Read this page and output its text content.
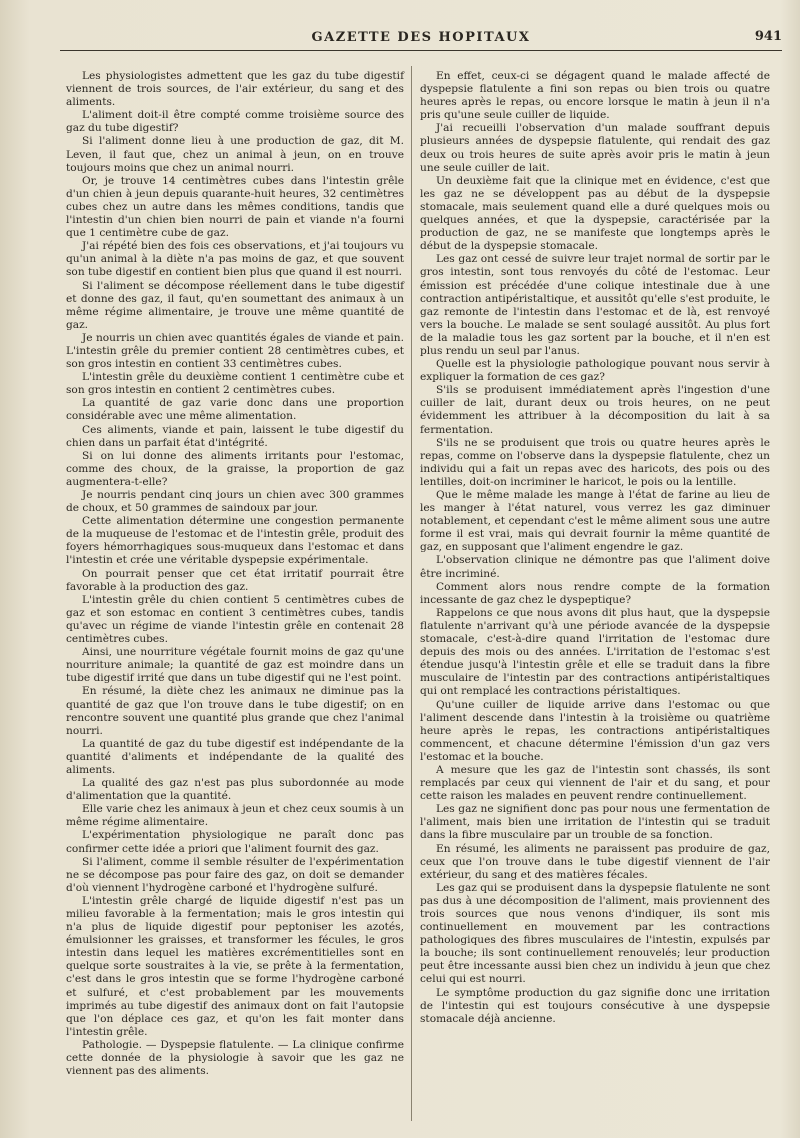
GAZETTE DES HOPITAUX	941

Les physiologistes admettent que les gaz du tube digestif viennent de trois sources, de l'air extérieur, du sang et des aliments.

L'aliment doit-il être compté comme troisième source des gaz du tube digestif?

Si l'aliment donne lieu à une production de gaz, dit M. Leven, il faut que, chez un animal à jeun, on en trouve toujours moins que chez un animal nourri.

Or, je trouve 14 centimètres cubes dans l'intestin grêle d'un chien à jeun depuis quarante-huit heures, 32 centimètres cubes chez un autre dans les mêmes conditions, tandis que l'intestin d'un chien bien nourri de pain et viande n'a fourni que 1 centimètre cube de gaz.

J'ai répété bien des fois ces observations, et j'ai toujours vu qu'un animal à la diète n'a pas moins de gaz, et que souvent son tube digestif en contient bien plus que quand il est nourri.

Si l'aliment se décompose réellement dans le tube digestif et donne des gaz, il faut, qu'en soumettant des animaux à un même régime alimentaire, je trouve une même quantité de gaz.

Je nourris un chien avec quantités égales de viande et pain. L'intestin grêle du premier contient 28 centimètres cubes, et son gros intestin en contient 33 centimètres cubes.

L'intestin grêle du deuxième contient 1 centimètre cube et son gros intestin en contient 2 centimètres cubes.

La quantité de gaz varie donc dans une proportion considérable avec une même alimentation.

Ces aliments, viande et pain, laissent le tube digestif du chien dans un parfait état d'intégrité.

Si on lui donne des aliments irritants pour l'estomac, comme des choux, de la graisse, la proportion de gaz augmentera-t-elle?

Je nourris pendant cinq jours un chien avec 300 grammes de choux, et 50 grammes de saindoux par jour.

Cette alimentation détermine une congestion permanente de la muqueuse de l'estomac et de l'intestin grêle, produit des foyers hémorrhagiques sous-muqueux dans l'estomac et dans l'intestin et crée une véritable dyspepsie expérimentale.

On pourrait penser que cet état irritatif pourrait être favorable à la production des gaz.

L'intestin grêle du chien contient 5 centimètres cubes de gaz et son estomac en contient 3 centimètres cubes, tandis qu'avec un régime de viande l'intestin grêle en contenait 28 centimètres cubes.

Ainsi, une nourriture végétale fournit moins de gaz qu'une nourriture animale; la quantité de gaz est moindre dans un tube digestif irrité que dans un tube digestif qui ne l'est point.

En résumé, la diète chez les animaux ne diminue pas la quantité de gaz que l'on trouve dans le tube digestif; on en rencontre souvent une quantité plus grande que chez l'animal nourri.

La quantité de gaz du tube digestif est indépendante de la quantité d'aliments et indépendante de la qualité des aliments.

La qualité des gaz n'est pas plus subordonnée au mode d'alimentation que la quantité.

Elle varie chez les animaux à jeun et chez ceux soumis à un même régime alimentaire.

L'expérimentation physiologique ne paraît donc pas confirmer cette idée a priori que l'aliment fournit des gaz.

Si l'aliment, comme il semble résulter de l'expérimentation ne se décompose pas pour faire des gaz, on doit se demander d'où viennent l'hydrogène carboné et l'hydrogène sulfuré.

L'intestin grêle chargé de liquide digestif n'est pas un milieu favorable à la fermentation; mais le gros intestin qui n'a plus de liquide digestif pour peptoniser les azotés, émulsionner les graisses, et transformer les fécules, le gros intestin dans lequel les matières excrémentitielles sont en quelque sorte soustraites à la vie, se prête à la fermentation, c'est dans le gros intestin que se forme l'hydrogène carboné et sulfuré, et c'est probablement par les mouvements imprimés au tube digestif des animaux dont on fait l'autopsie que l'on déplace ces gaz, et qu'on les fait monter dans l'intestin grêle.

Pathologie. — Dyspepsie flatulente. — La clinique confirme cette donnée de la physiologie à savoir que les gaz ne viennent pas des aliments.

En effet, ceux-ci se dégagent quand le malade affecté de dyspepsie flatulente a fini son repas ou bien trois ou quatre heures après le repas, ou encore lorsque le matin à jeun il n'a pris qu'une seule cuiller de liquide.

J'ai recueilli l'observation d'un malade souffrant depuis plusieurs années de dyspepsie flatulente, qui rendait des gaz deux ou trois heures de suite après avoir pris le matin à jeun une seule cuiller de lait.

Un deuxième fait que la clinique met en évidence, c'est que les gaz ne se développent pas au début de la dyspepsie stomacale, mais seulement quand elle a duré quelques mois ou quelques années, et que la dyspepsie, caractérisée par la production de gaz, ne se manifeste que longtemps après le début de la dyspepsie stomacale.

Les gaz ont cessé de suivre leur trajet normal de sortir par le gros intestin, sont tous renvoyés du côté de l'estomac. Leur émission est précédée d'une colique intestinale due à une contraction antipéristaltique, et aussitôt qu'elle s'est produite, le gaz remonte de l'intestin dans l'estomac et de là, est renvoyé vers la bouche. Le malade se sent soulagé aussitôt. Au plus fort de la maladie tous les gaz sortent par la bouche, et il n'en est plus rendu un seul par l'anus.

Quelle est la physiologie pathologique pouvant nous servir à expliquer la formation de ces gaz?

S'ils se produisent immédiatement après l'ingestion d'une cuiller de lait, durant deux ou trois heures, on ne peut évidemment les attribuer à la décomposition du lait à sa fermentation.

S'ils ne se produisent que trois ou quatre heures après le repas, comme on l'observe dans la dyspepsie flatulente, chez un individu qui a fait un repas avec des haricots, des pois ou des lentilles, doit-on incriminer le haricot, le pois ou la lentille.

Que le même malade les mange à l'état de farine au lieu de les manger à l'état naturel, vous verrez les gaz diminuer notablement, et cependant c'est le même aliment sous une autre forme il est vrai, mais qui devrait fournir la même quantité de gaz, en supposant que l'aliment engendre le gaz.

L'observation clinique ne démontre pas que l'aliment doive être incriminé.

Comment alors nous rendre compte de la formation incessante de gaz chez le dyspeptique?

Rappelons ce que nous avons dit plus haut, que la dyspepsie flatulente n'arrivant qu'à une période avancée de la dyspepsie stomacale, c'est-à-dire quand l'irritation de l'estomac dure depuis des mois ou des années. L'irritation de l'estomac s'est étendue jusqu'à l'intestin grêle et elle se traduit dans la fibre musculaire de l'intestin par des contractions antipéristaltiques qui ont remplacé les contractions péristaltiques.

Qu'une cuiller de liquide arrive dans l'estomac ou que l'aliment descende dans l'intestin à la troisième ou quatrième heure après le repas, les contractions antipéristaltiques commencent, et chacune détermine l'émission d'un gaz vers l'estomac et la bouche.

A mesure que les gaz de l'intestin sont chassés, ils sont remplacés par ceux qui viennent de l'air et du sang, et pour cette raison les malades en peuvent rendre continuellement.

Les gaz ne signifient donc pas pour nous une fermentation de l'aliment, mais bien une irritation de l'intestin qui se traduit dans la fibre musculaire par un trouble de sa fonction.

En résumé, les aliments ne paraissent pas produire de gaz, ceux que l'on trouve dans le tube digestif viennent de l'air extérieur, du sang et des matières fécales.

Les gaz qui se produisent dans la dyspepsie flatulente ne sont pas dus à une décomposition de l'aliment, mais proviennent des trois sources que nous venons d'indiquer, ils sont mis continuellement en mouvement par les contractions pathologiques des fibres musculaires de l'intestin, expulsés par la bouche; ils sont continuellement renouvelés; leur production peut être incessante aussi bien chez un individu à jeun que chez celui qui est nourri.

Le symptôme production du gaz signifie donc une irritation de l'intestin qui est toujours consécutive à une dyspepsie stomacale déjà ancienne.
